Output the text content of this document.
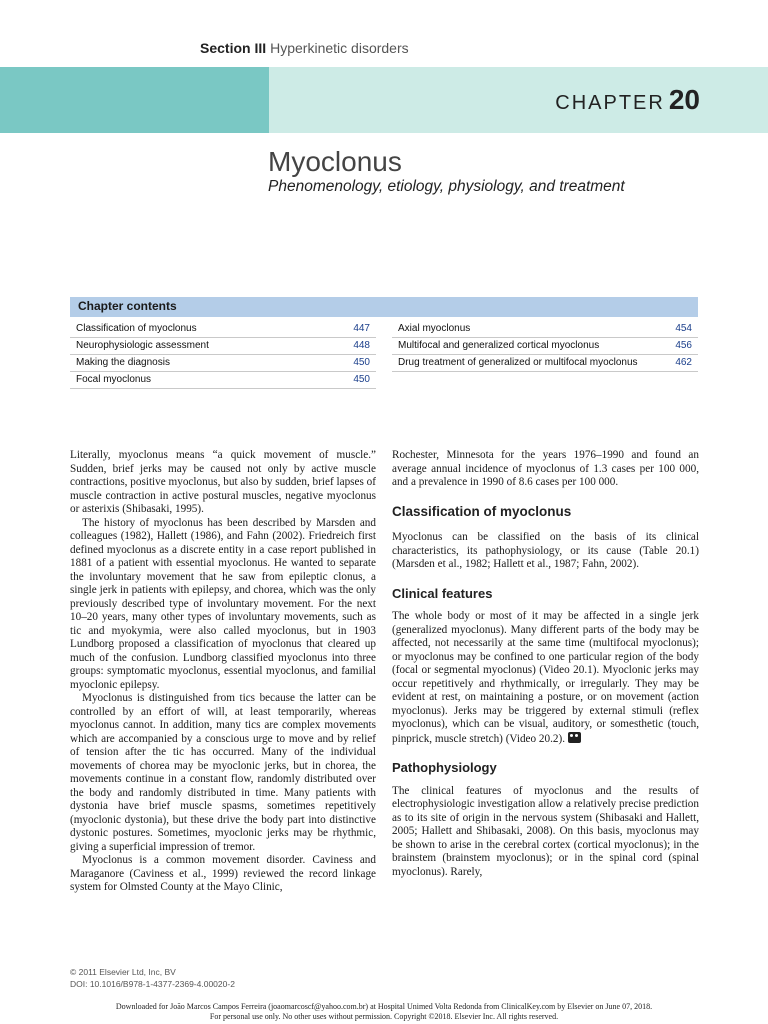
Section III Hyperkinetic disorders
CHAPTER 20
Myoclonus
Phenomenology, etiology, physiology, and treatment
Chapter contents
Classification of myoclonus	447
Neurophysiologic assessment	448
Making the diagnosis	450
Focal myoclonus	450
Axial myoclonus	454
Multifocal and generalized cortical myoclonus	456
Drug treatment of generalized or multifocal myoclonus	462

Literally, myoclonus means “a quick movement of muscle.” Sudden, brief jerks may be caused not only by active muscle contractions, positive myoclonus, but also by sudden, brief lapses of muscle contraction in active postural muscles, negative myoclonus or asterixis (Shibasaki, 1995).

The history of myoclonus has been described by Marsden and colleagues (1982), Hallett (1986), and Fahn (2002). Friedreich first defined myoclonus as a discrete entity in a case report published in 1881 of a patient with essential myoclonus. He wanted to separate the involuntary movement that he saw from epileptic clonus, a single jerk in patients with epilepsy, and chorea, which was the only previously described type of involuntary movement. For the next 10–20 years, many other types of involuntary movements, such as tic and myokymia, were also called myoclonus, but in 1903 Lundborg proposed a classification of myoclonus that cleared up much of the confusion. Lundborg classified myoclonus into three groups: symptomatic myoclonus, essential myoclonus, and familial myoclonic epilepsy.

Myoclonus is distinguished from tics because the latter can be controlled by an effort of will, at least temporarily, whereas myoclonus cannot. In addition, many tics are complex movements which are accompanied by a conscious urge to move and by relief of tension after the tic has occurred. Many of the individual movements of chorea may be myoclonic jerks, but in chorea, the movements continue in a constant flow, randomly distributed over the body and randomly distributed in time. Many patients with dystonia have brief muscle spasms, sometimes repetitively (myoclonic dystonia), but these drive the body part into distinctive dystonic postures. Sometimes, myoclonic jerks may be rhythmic, giving a superficial impression of tremor.

Myoclonus is a common movement disorder. Caviness and Maraganore (Caviness et al., 1999) reviewed the record linkage system for Olmsted County at the Mayo Clinic,

Rochester, Minnesota for the years 1976–1990 and found an average annual incidence of myoclonus of 1.3 cases per 100 000, and a prevalence in 1990 of 8.6 cases per 100 000.

Classification of myoclonus

Myoclonus can be classified on the basis of its clinical characteristics, its pathophysiology, or its cause (Table 20.1) (Marsden et al., 1982; Hallett et al., 1987; Fahn, 2002).

Clinical features

The whole body or most of it may be affected in a single jerk (generalized myoclonus). Many different parts of the body may be affected, not necessarily at the same time (multifocal myoclonus); or myoclonus may be confined to one particular region of the body (focal or segmental myoclonus) (Video 20.1). Myoclonic jerks may occur repetitively and rhythmically, or irregularly. They may be evident at rest, on maintaining a posture, or on movement (action myoclonus). Jerks may be triggered by external stimuli (reflex myoclonus), which can be visual, auditory, or somesthetic (touch, pinprick, muscle stretch) (Video 20.2).

Pathophysiology

The clinical features of myoclonus and the results of electrophysiologic investigation allow a relatively precise prediction as to its site of origin in the nervous system (Shibasaki and Hallett, 2005; Hallett and Shibasaki, 2008). On this basis, myoclonus may be shown to arise in the cerebral cortex (cortical myoclonus); in the brainstem (brainstem myoclonus); or in the spinal cord (spinal myoclonus). Rarely,

© 2011 Elsevier Ltd, Inc, BV
DOI: 10.1016/B978-1-4377-2369-4.00020-2
Downloaded for João Marcos Campos Ferreira (joaomarcoscf@yahoo.com.br) at Hospital Unimed Volta Redonda from ClinicalKey.com by Elsevier on June 07, 2018.
For personal use only. No other uses without permission. Copyright ©2018. Elsevier Inc. All rights reserved.
